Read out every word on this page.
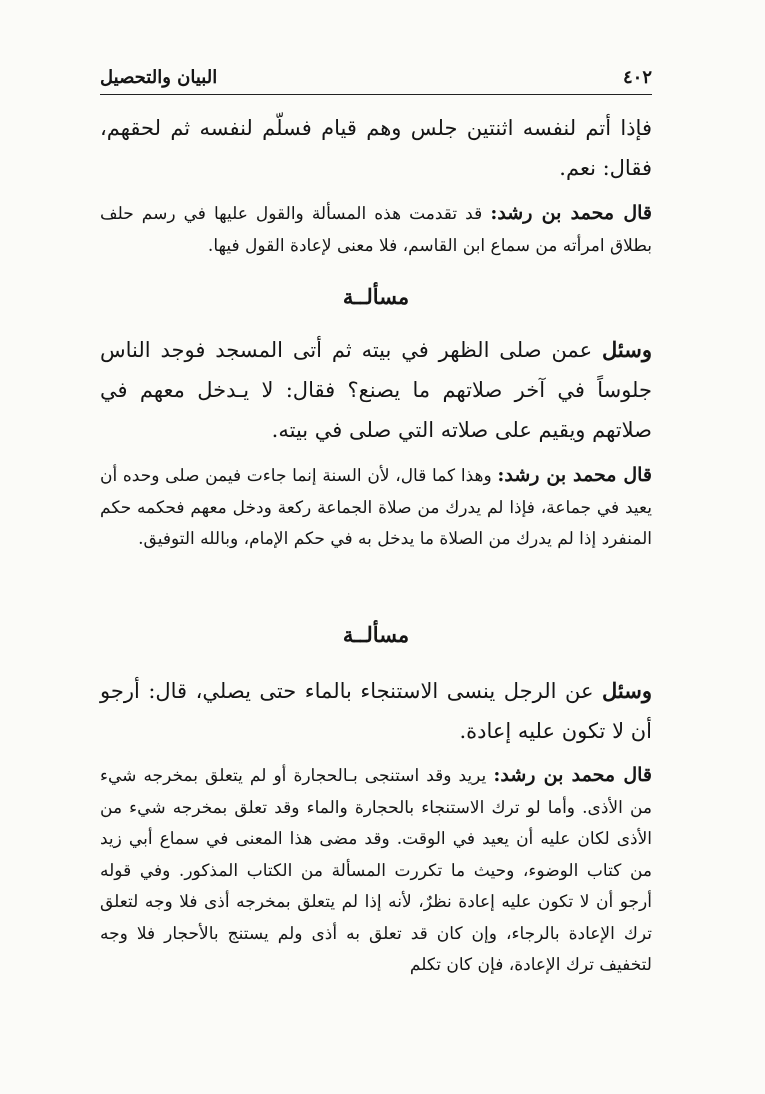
٤٠٢
البيان والتحصيل
فإذا أتم لنفسه اثنتين جلس وهم قيام فسلّم لنفسه ثم لحقهم، فقال: نعم.
قال محمد بن رشد: قد تقدمت هذه المسألة والقول عليها في رسم حلف بطلاق امرأته من سماع ابن القاسم، فلا معنى لإعادة القول فيها.
مسألــة
وسئل عمن صلى الظهر في بيته ثم أتى المسجد فوجد الناس جلوساً في آخر صلاتهم ما يصنع؟ فقال: لا يـدخل معهم في صلاتهم ويقيم على صلاته التي صلى في بيته.
قال محمد بن رشد: وهذا كما قال، لأن السنة إنما جاءت فيمن صلى وحده أن يعيد في جماعة، فإذا لم يدرك من صلاة الجماعة ركعة ودخل معهم فحكمه حكم المنفرد إذا لم يدرك من الصلاة ما يدخل به في حكم الإمام، وبالله التوفيق.
مسألــة
وسئل عن الرجل ينسى الاستنجاء بالماء حتى يصلي، قال: أرجو أن لا تكون عليه إعادة.
قال محمد بن رشد: يريد وقد استنجى بـالحجارة أو لم يتعلق بمخرجه شيء من الأذى. وأما لو ترك الاستنجاء بالحجارة والماء وقد تعلق بمخرجه شيء من الأذى لكان عليه أن يعيد في الوقت. وقد مضى هذا المعنى في سماع أبي زيد من كتاب الوضوء، وحيث ما تكررت المسألة من الكتاب المذكور. وفي قوله أرجو أن لا تكون عليه إعادة نظرٌ، لأنه إذا لم يتعلق بمخرجه أذى فلا وجه لتعلق ترك الإعادة بالرجاء، وإن كان قد تعلق به أذى ولم يستنج بالأحجار فلا وجه لتخفيف ترك الإعادة، فإن كان تكلم
